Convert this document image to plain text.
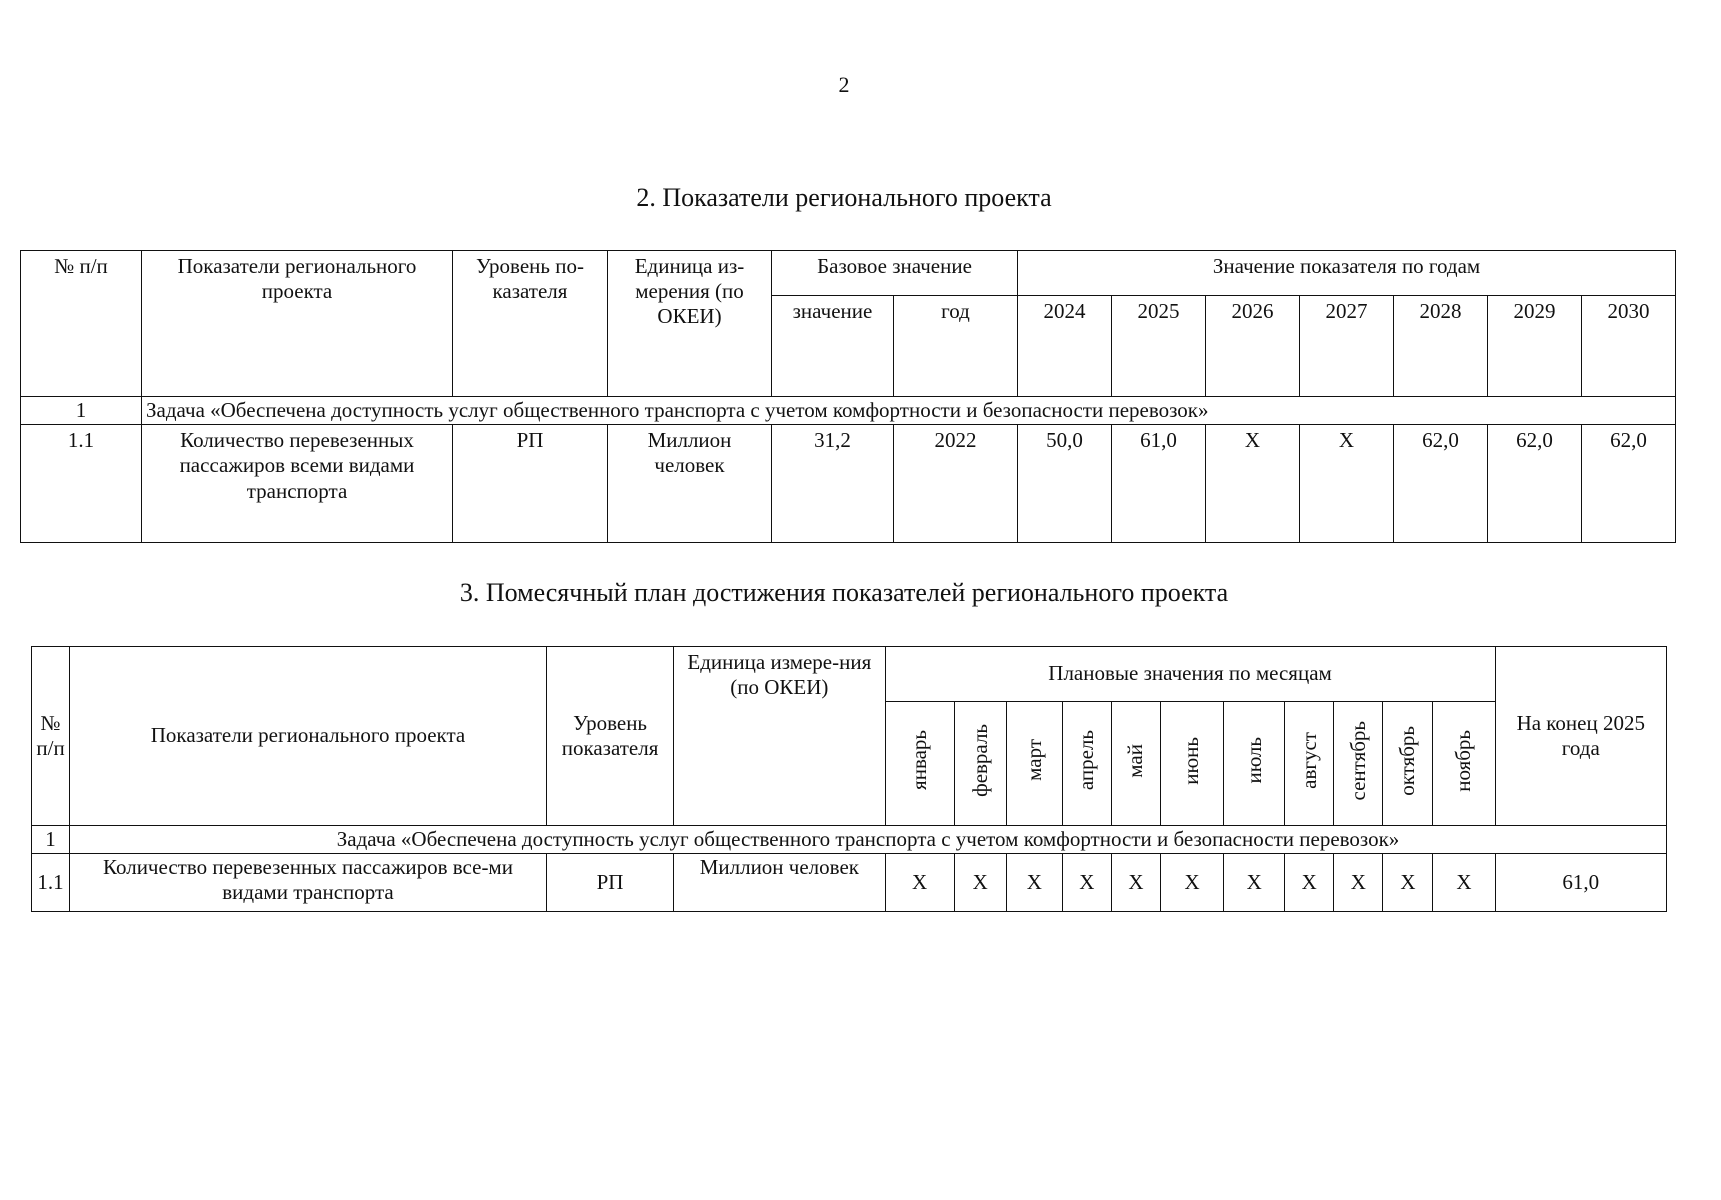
2
2. Показатели регионального проекта
№ п/п	Показатели регионального проекта	Уровень по-казателя	Единица из-мерения (по ОКЕИ)	Базовое значение		Значение показателя по годам						
				значение	год	2024	2025	2026	2027	2028	2029	2030
1	Задача «Обеспечена доступность услуг общественного транспорта с учетом комфортности и безопасности перевозок»											
1.1	Количество перевезенных пассажиров всеми видами транспорта	РП	Миллион человек	31,2	2022	50,0	61,0	X	X	62,0	62,0	62,0
3. Помесячный план достижения показателей регионального проекта
№ п/п	Показатели регионального проекта	Уровень показателя	Единица измере-ния (по ОКЕИ)	Плановые значения по месяцам											На конец 2025 года
				январь	февраль	март	апрель	май	июнь	июль	август	сентябрь	октябрь	ноябрь	
1	Задача «Обеспечена доступность услуг общественного транспорта с учетом комфортности и безопасности перевозок»														
1.1	Количество перевезенных пассажиров все-ми видами транспорта	РП	Миллион человек	X	X	X	X	X	X	X	X	X	X	X	61,0
